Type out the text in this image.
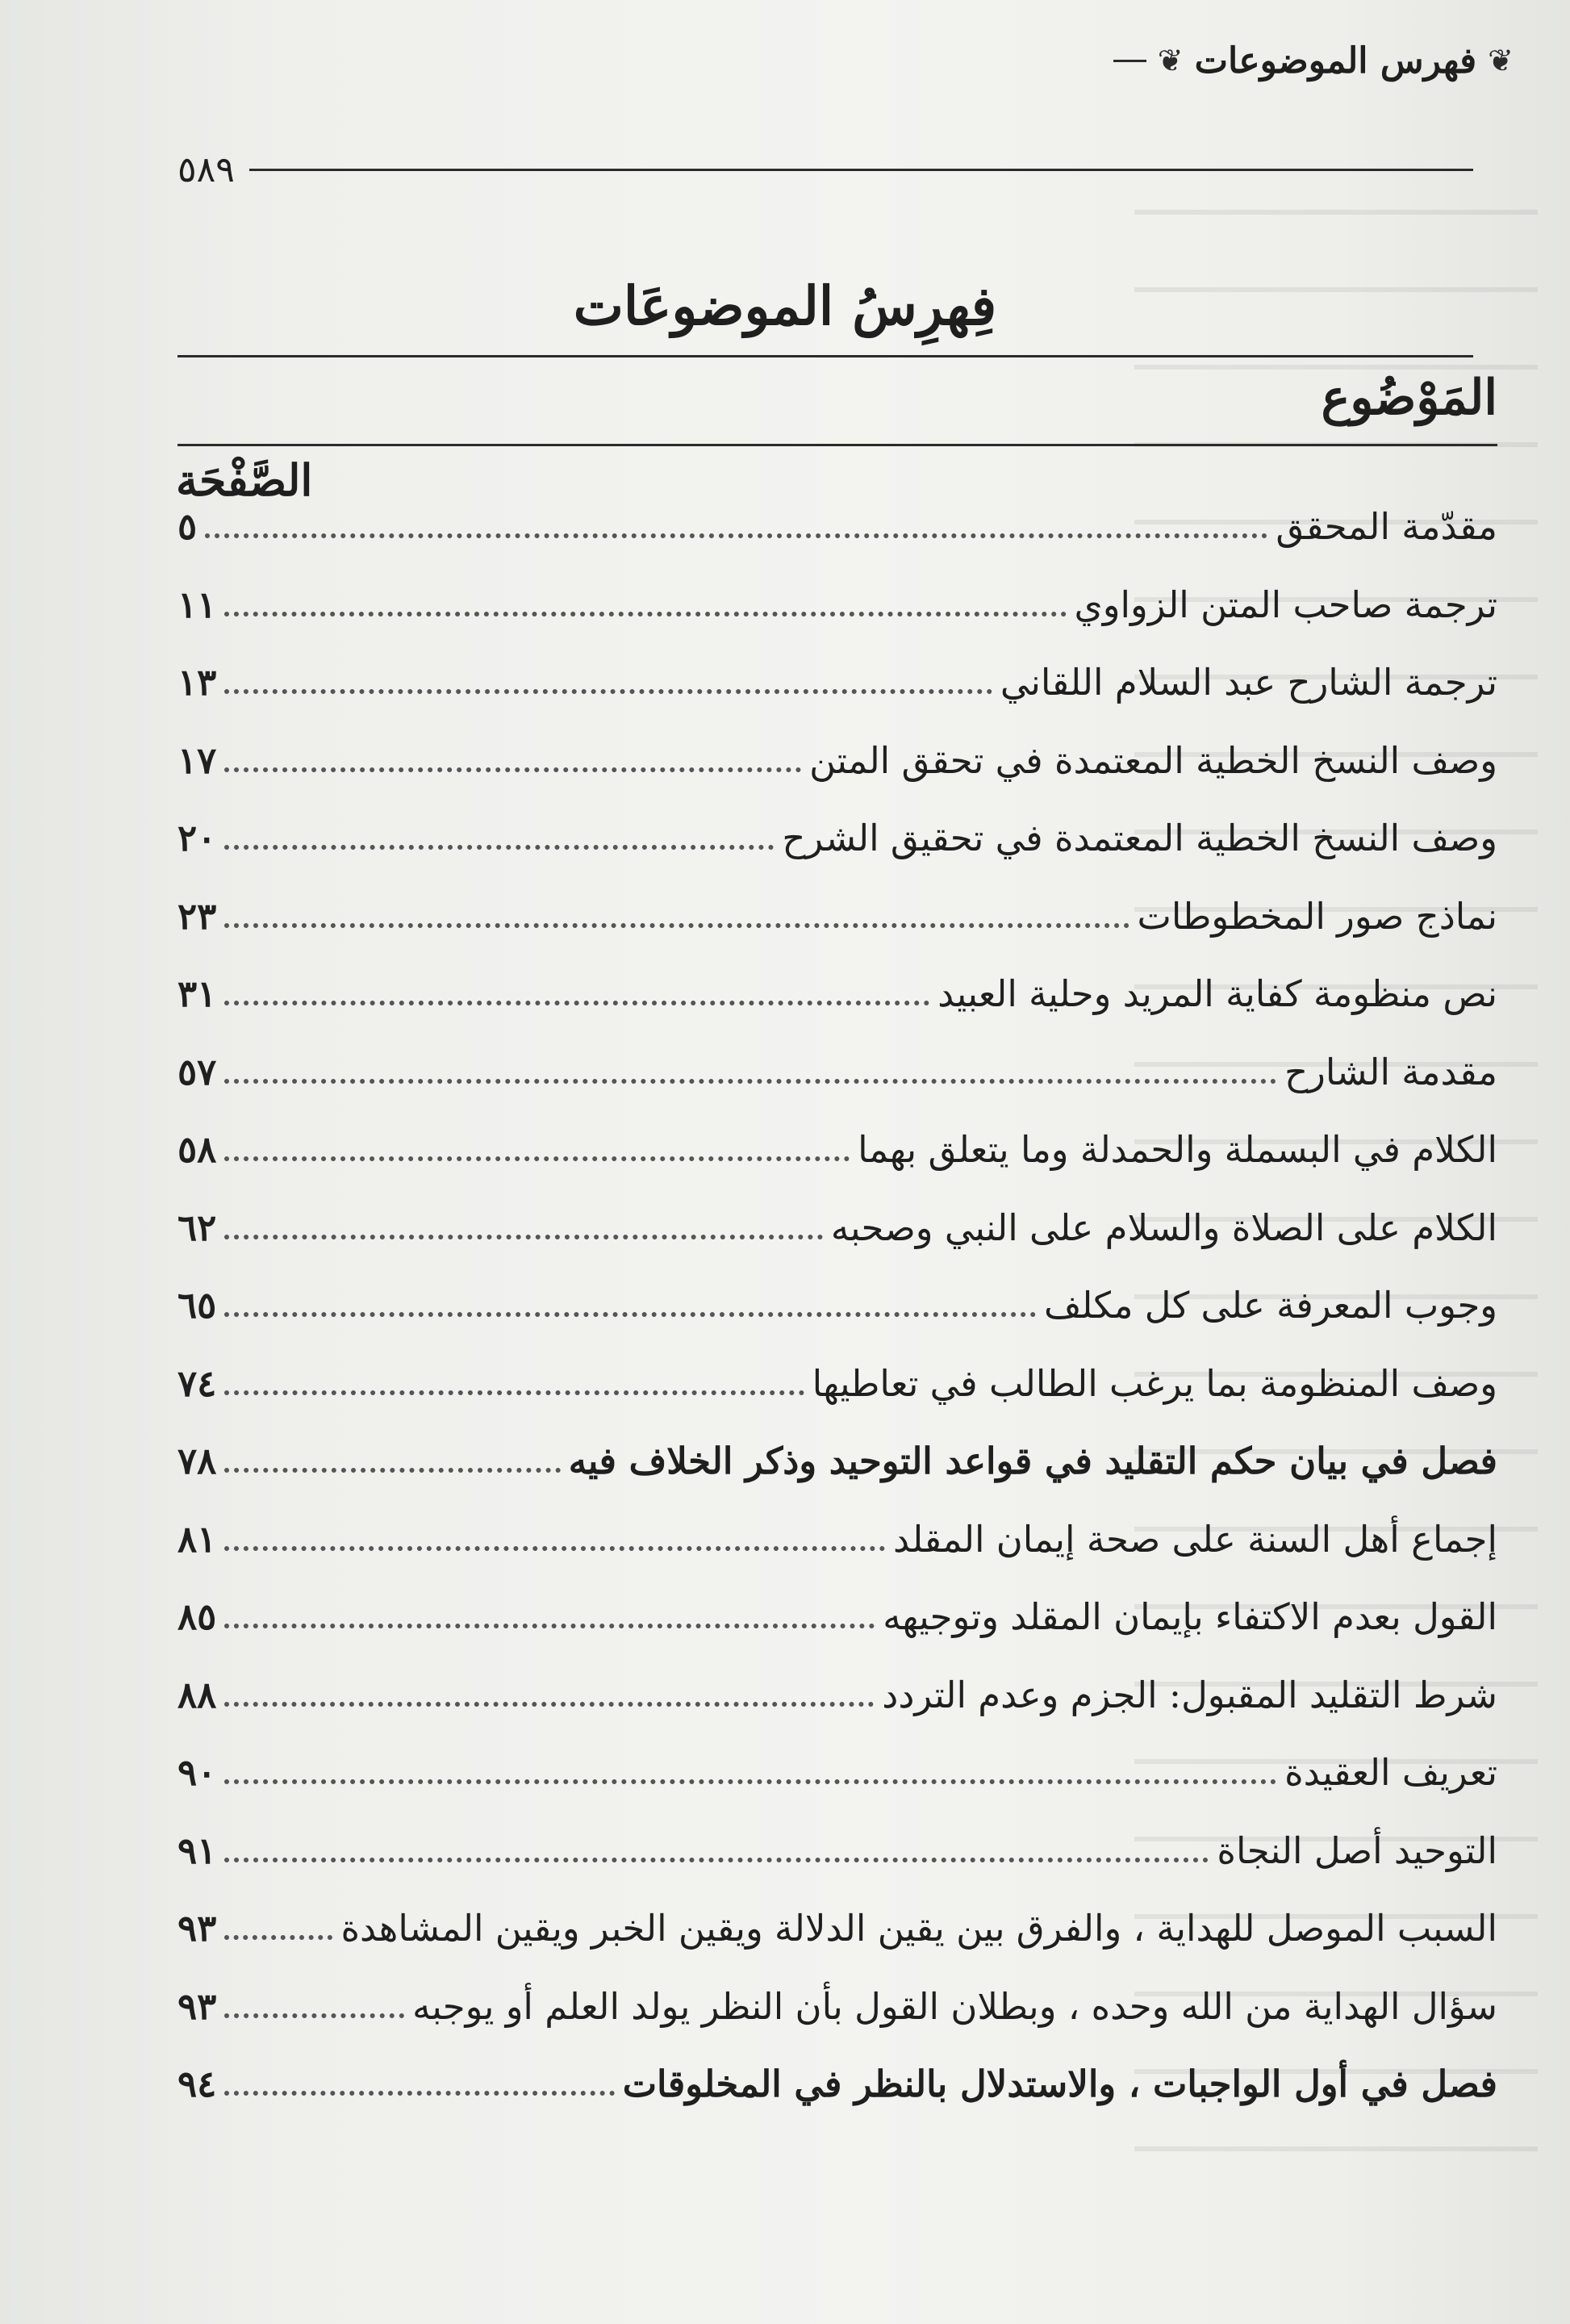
❦
فهرس الموضوعات
❦
٥٨٩
فِهرِسُ الموضوعَات
المَوْضُوع
الصَّفْحَة
مقدّمة المحقق
٥
ترجمة صاحب المتن الزواوي
١١
ترجمة الشارح عبد السلام اللقاني
١٣
وصف النسخ الخطية المعتمدة في تحقق المتن
١٧
وصف النسخ الخطية المعتمدة في تحقيق الشرح
٢٠
نماذج صور المخطوطات
٢٣
نص منظومة كفاية المريد وحلية العبيد
٣١
مقدمة الشارح
٥٧
الكلام في البسملة والحمدلة وما يتعلق بهما
٥٨
الكلام على الصلاة والسلام على النبي وصحبه
٦٢
وجوب المعرفة على كل مكلف
٦٥
وصف المنظومة بما يرغب الطالب في تعاطيها
٧٤
فصل في بيان حكم التقليد في قواعد التوحيد وذكر الخلاف فيه
٧٨
إجماع أهل السنة على صحة إيمان المقلد
٨١
القول بعدم الاكتفاء بإيمان المقلد وتوجيهه
٨٥
شرط التقليد المقبول: الجزم وعدم التردد
٨٨
تعريف العقيدة
٩٠
التوحيد أصل النجاة
٩١
السبب الموصل للهداية ، والفرق بين يقين الدلالة ويقين الخبر ويقين المشاهدة
٩٣
سؤال الهداية من الله وحده ، وبطلان القول بأن النظر يولد العلم أو يوجبه
٩٣
فصل في أول الواجبات ، والاستدلال بالنظر في المخلوقات
٩٤
